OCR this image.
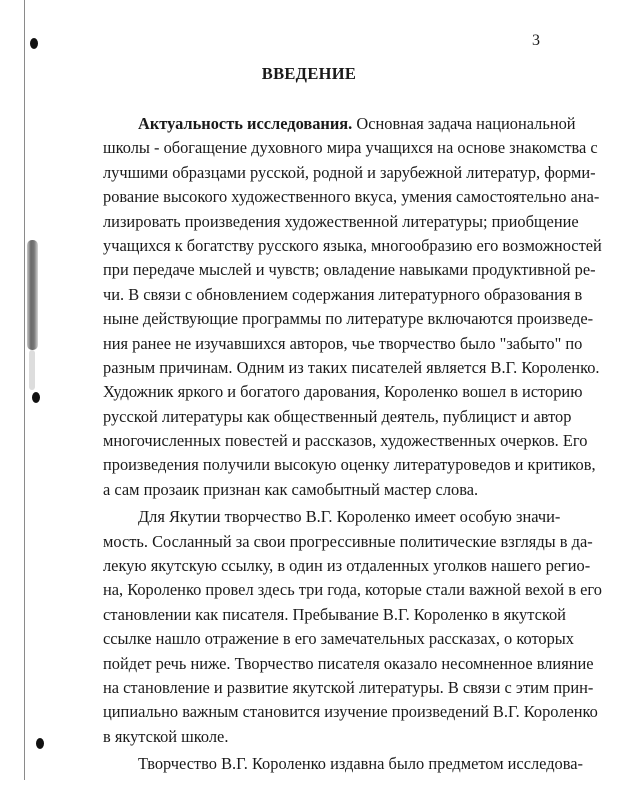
3
ВВЕДЕНИЕ
Актуальность исследования. Основная задача национальной
школы - обогащение духовного мира учащихся на основе знакомства с
лучшими образцами русской, родной и зарубежной литератур, форми-
рование высокого художественного вкуса, умения самостоятельно ана-
лизировать произведения художественной литературы; приобщение
учащихся к богатству русского языка, многообразию его возможностей
при передаче мыслей и чувств; овладение навыками продуктивной ре-
чи. В связи с обновлением содержания литературного образования в
ныне действующие программы по литературе включаются произведе-
ния ранее не изучавшихся авторов, чье творчество было "забыто" по
разным причинам. Одним из таких писателей является В.Г. Короленко.
Художник яркого и богатого дарования, Короленко вошел в историю
русской литературы как общественный деятель, публицист и автор
многочисленных повестей и рассказов, художественных очерков. Его
произведения получили высокую оценку литературоведов и критиков,
а сам прозаик признан как самобытный мастер слова.
Для Якутии творчество В.Г. Короленко имеет особую значи-
мость. Сосланный за свои прогрессивные политические взгляды в да-
лекую якутскую ссылку, в один из отдаленных уголков нашего регио-
на, Короленко провел здесь три года, которые стали важной вехой в его
становлении как писателя. Пребывание В.Г. Короленко в якутской
ссылке нашло отражение в его замечательных рассказах, о которых
пойдет речь ниже. Творчество писателя оказало несомненное влияние
на становление и развитие якутской литературы. В связи с этим прин-
ципиально важным становится изучение произведений В.Г. Короленко
в якутской школе.
Творчество В.Г. Короленко издавна было предметом исследова-
